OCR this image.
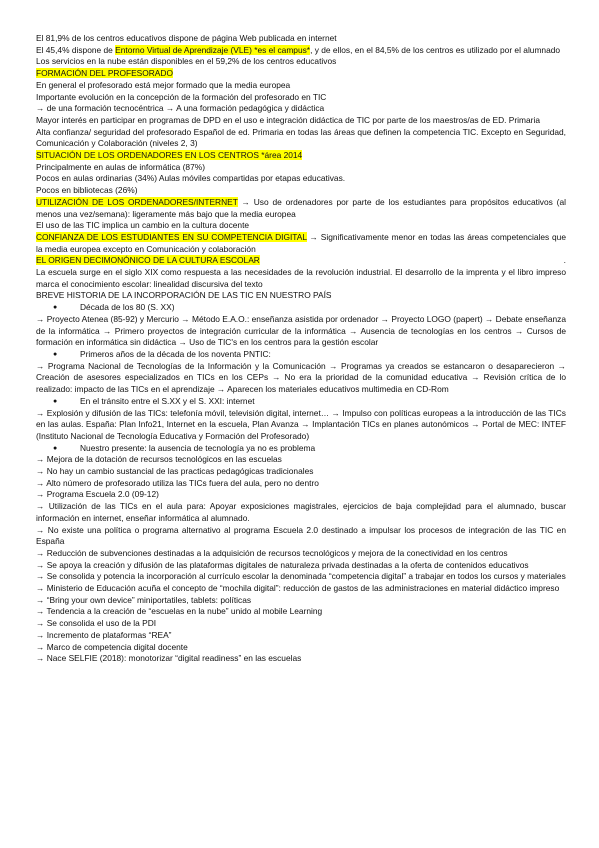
El 81,9% de los centros educativos dispone de página Web publicada en internet

El 45,4% dispone de Entorno Virtual de Aprendizaje (VLE) *es el campus*, y de ellos, en el 84,5% de los centros es utilizado por el alumnado

Los servicios en la nube están disponibles en el 59,2% de los centros educativos

FORMACIÓN DEL PROFESORADO

En general el profesorado está mejor formado que la media europea

Importante evolución en la concepción de la formación del profesorado en TIC

→ de una formación tecnocéntrica → A una formación pedagógica y didáctica

Mayor interés en participar en programas de DPD en el uso e integración didáctica de TIC por parte de los maestros/as de ED. Primaria

Alta confianza/ seguridad del profesorado Español de ed. Primaria en todas las áreas que definen la competencia TIC. Excepto en Seguridad, Comunicación y Colaboración (niveles 2, 3)

SITUACIÓN DE LOS ORDENADORES EN LOS CENTROS *área 2014

Principalmente en aulas de informática (87%)

Pocos en aulas ordinarias (34%) Aulas móviles compartidas por etapas educativas.

Pocos en bibliotecas (26%)

UTILIZACIÓN DE LOS ORDENADORES/INTERNET → Uso de ordenadores por parte de los estudiantes para propósitos educativos (al menos una vez/semana): ligeramente más bajo que la media europea

El uso de las TIC implica un cambio en la cultura docente

CONFIANZA DE LOS ESTUDIANTES EN SU COMPETENCIA DIGITAL → Significativamente menor en todas las áreas competenciales que la media europea excepto en Comunicación y colaboración

EL ORIGEN DECIMONÓNICO DE LA CULTURA ESCOLAR	.

La escuela surge en el siglo XIX como respuesta a las necesidades de la revolución industrial. El desarrollo de la imprenta y el libro impreso marca el conocimiento escolar: linealidad discursiva del texto

BREVE HISTORIA DE LA INCORPORACIÓN DE LAS TIC EN NUESTRO PAÍS

● Década de los 80 (S. XX)

→ Proyecto Atenea (85-92) y Mercurio → Método E.A.O.: enseñanza asistida por ordenador → Proyecto LOGO (papert) → Debate enseñanza de la informática → Primero proyectos de integración curricular de la informática → Ausencia de tecnologías en los centros → Cursos de formación en informática sin didáctica → Uso de TIC's en los centros para la gestión escolar

● Primeros años de la década de los noventa PNTIC:

→ Programa Nacional de Tecnologías de la Información y la Comunicación → Programas ya creados se estancaron o desaparecieron → Creación de asesores especializados en TICs en los CEPs → No era la prioridad de la comunidad educativa → Revisión crítica de lo realizado: impacto de las TICs en el aprendizaje → Aparecen los materiales educativos multimedia en CD-Rom

● En el tránsito entre el S.XX y el S. XXI: internet

→ Explosión y difusión de las TICs: telefonía móvil, televisión digital, internet… → Impulso con políticas europeas a la introducción de las TICs en las aulas. España: Plan Info21, Internet en la escuela, Plan Avanza → Implantación TICs en planes autonómicos → Portal de MEC: INTEF (Instituto Nacional de Tecnología Educativa y Formación del Profesorado)

● Nuestro presente: la ausencia de tecnología ya no es problema

→ Mejora de la dotación de recursos tecnológicos en las escuelas

→ No hay un cambio sustancial de las practicas pedagógicas tradicionales

→ Alto número de profesorado utiliza las TICs fuera del aula, pero no dentro

→ Programa Escuela 2.0 (09-12)

→ Utilización de las TICs en el aula para: Apoyar exposiciones magistrales, ejercicios de baja complejidad para el alumnado, buscar información en internet, enseñar informática al alumnado.

→ No existe una política o programa alternativo al programa Escuela 2.0 destinado a impulsar los procesos de integración de las TIC en España

→ Reducción de subvenciones destinadas a la adquisición de recursos tecnológicos y mejora de la conectividad en los centros

→ Se apoya la creación y difusión de las plataformas digitales de naturaleza privada destinadas a la oferta de contenidos educativos

→ Se consolida y potencia la incorporación al currículo escolar la denominada “competencia digital” a trabajar en todos los cursos y materiales

→ Ministerio de Educación acuña el concepto de “mochila digital”: reducción de gastos de las administraciones en material didáctico impreso

→ “Bring your own device” miniportatiles, tablets: políticas

→ Tendencia a la creación de “escuelas en la nube” unido al mobile Learning

→ Se consolida el uso de la PDI

→ Incremento de plataformas “REA”

→ Marco de competencia digital docente

→ Nace SELFIE (2018): monotorizar “digital readiness” en las escuelas
